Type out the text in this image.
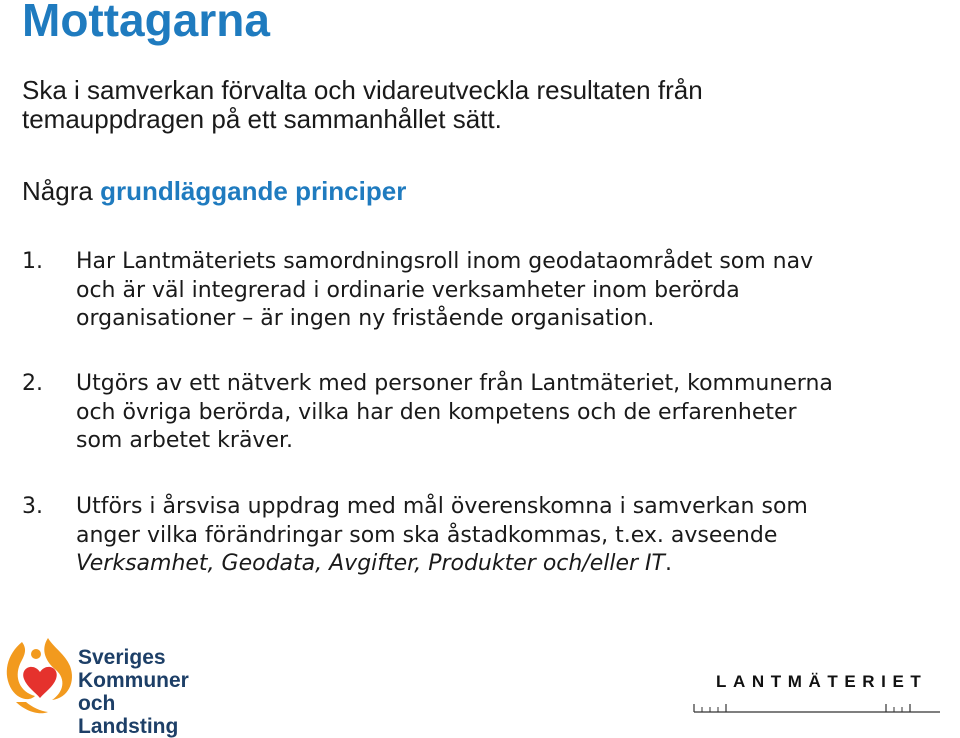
Mottagarna

Ska i samverkan förvalta och vidareutveckla resultaten från
temauppdragen på ett sammanhållet sätt.

Några grundläggande principer

1. Har Lantmäteriets samordningsroll inom geodataområdet som nav
och är väl integrerad i ordinarie verksamheter inom berörda
organisationer – är ingen ny fristående organisation.

2. Utgörs av ett nätverk med personer från Lantmäteriet, kommunerna
och övriga berörda, vilka har den kompetens och de erfarenheter
som arbetet kräver.

3. Utförs i årsvisa uppdrag med mål överenskomna i samverkan som
anger vilka förändringar som ska åstadkommas, t.ex. avseende
Verksamhet, Geodata, Avgifter, Produkter och/eller IT.

Sveriges
Kommuner
och Landsting
LANTMÄTERIET
